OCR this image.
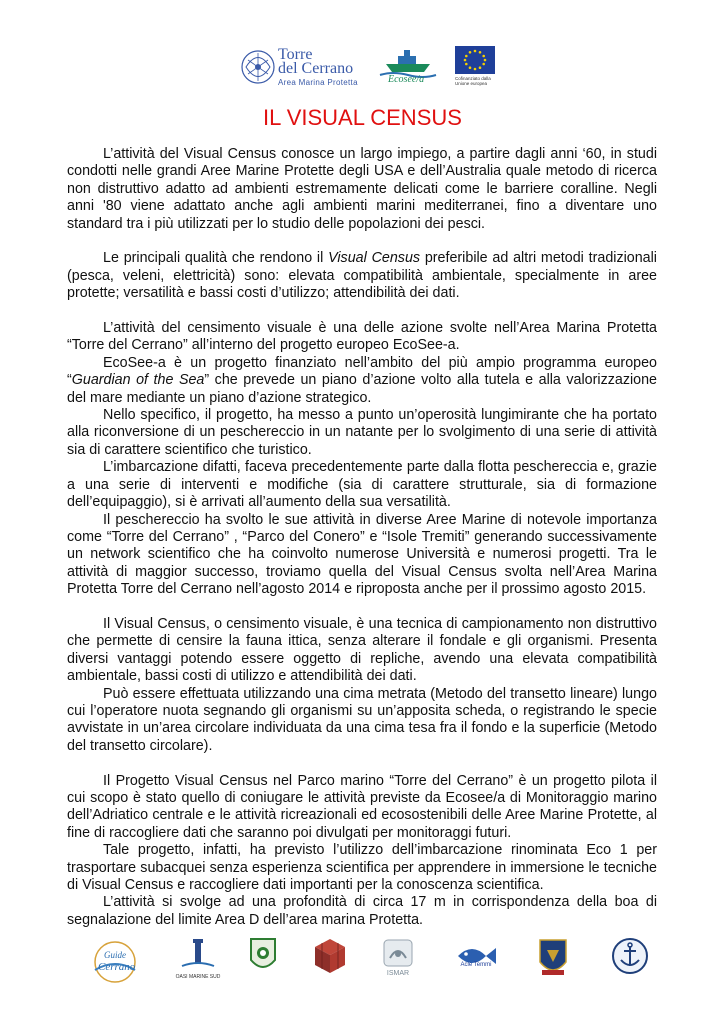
Torre
del Cerrano
Area Marina Protetta	Ecosee/a	Cofinanziato dalla Unione europea
IL VISUAL CENSUS

L’attività del Visual Census conosce un largo impiego, a partire dagli anni ‘60, in studi condotti nelle grandi Aree Marine Protette degli USA e dell’Australia quale metodo di ricerca non distruttivo adatto ad ambienti estremamente delicati come le barriere coralline. Negli anni '80 viene adattato anche agli ambienti marini mediterranei, fino a diventare uno standard tra i più utilizzati per lo studio delle popolazioni dei pesci.

Le principali qualità che rendono il Visual Census preferibile ad altri metodi tradizionali (pesca, veleni, elettricità) sono: elevata compatibilità ambientale, specialmente in aree protette; versatilità e bassi costi d’utilizzo; attendibilità dei dati.

L’attività del censimento visuale è una delle azione svolte nell’Area Marina Protetta “Torre del Cerrano” all’interno del progetto europeo EcoSee-a.

EcoSee-a è un progetto finanziato nell’ambito del più ampio programma europeo “Guardian of the Sea” che prevede un piano d’azione volto alla tutela e alla valorizzazione del mare mediante un piano d’azione strategico.

Nello specifico, il progetto, ha messo a punto un’operosità lungimirante che ha portato alla riconversione di un peschereccio in un natante per lo svolgimento di una serie di attività sia di carattere scientifico che turistico.

L’imbarcazione difatti, faceva precedentemente parte dalla flotta peschereccia e, grazie a una serie di interventi e modifiche (sia di carattere strutturale, sia di formazione dell’equipaggio), si è arrivati all’aumento della sua versatilità.

Il peschereccio ha svolto le sue attività in diverse Aree Marine di notevole importanza come “Torre del Cerrano” , “Parco del Conero” e “Isole Tremiti” generando successivamente un network scientifico che ha coinvolto numerose Università e numerosi progetti. Tra le attività di maggior successo, troviamo quella del Visual Census svolta nell’Area Marina Protetta Torre del Cerrano nell’agosto 2014 e riproposta anche per il prossimo agosto 2015.

Il Visual Census, o censimento visuale, è una tecnica di campionamento non distruttivo che permette di censire la fauna ittica, senza alterare il fondale e gli organismi. Presenta diversi vantaggi potendo essere oggetto di repliche, avendo una elevata compatibilità ambientale, bassi costi di utilizzo e attendibilità dei dati.

Può essere effettuata utilizzando una cima metrata (Metodo del transetto lineare) lungo cui l’operatore nuota segnando gli organismi su un’apposita scheda, o registrando le specie avvistate in un’area circolare individuata da una cima tesa fra il fondo e la superficie (Metodo del transetto circolare).

Il Progetto Visual Census nel Parco marino “Torre del Cerrano” è un progetto pilota il cui scopo è stato quello di coniugare le attività previste da Ecosee/a di Monitoraggio marino dell’Adriatico centrale e le attività ricreazionali ed ecosostenibili delle Aree Marine Protette, al fine di raccogliere dati che saranno poi divulgati per monitoraggi futuri.

Tale progetto, infatti, ha previsto l’utilizzo dell’imbarcazione rinominata Eco 1 per trasportare subacquei senza esperienza scientifica per apprendere in immersione le tecniche di Visual Census e raccogliere dati importanti per la conoscenza scientifica.

L’attività si svolge ad una profondità di circa 17 m in corrispondenza della boa di segnalazione del limite Area D dell’area marina Protetta.

Guide
Cerrano
OASI MARINE SUD	ISMAR
Acle Temmi
